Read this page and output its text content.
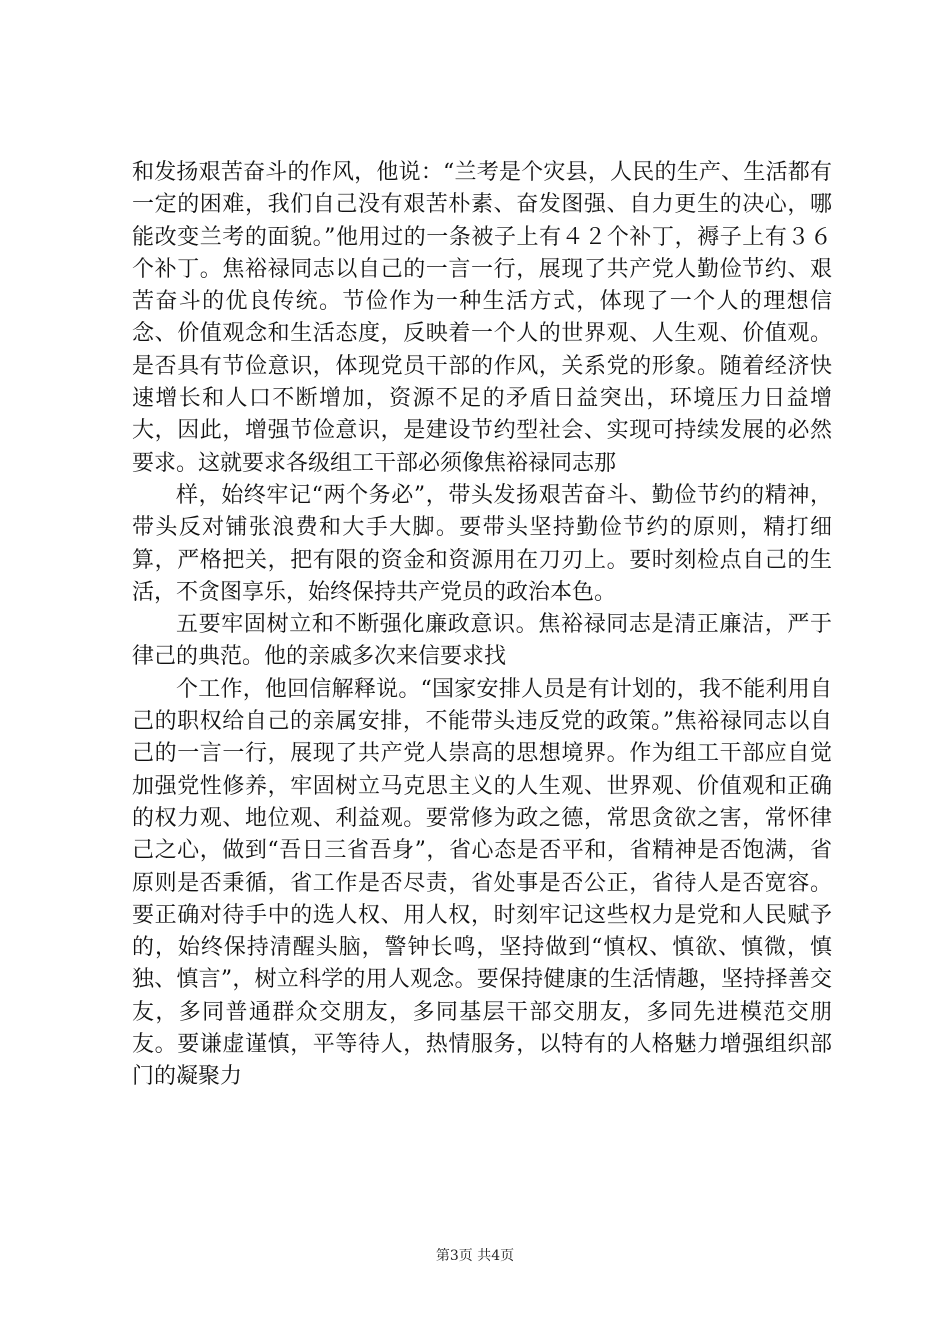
和发扬艰苦奋斗的作风，他说：“兰考是个灾县，人民的生产、生活都有一定的困难，我们自己没有艰苦朴素、奋发图强、自力更生的决心，哪能改变兰考的面貌。”他用过的一条被子上有４２个补丁，褥子上有３６个补丁。焦裕禄同志以自己的一言一行，展现了共产党人勤俭节约、艰苦奋斗的优良传统。节俭作为一种生活方式，体现了一个人的理想信念、价值观念和生活态度，反映着一个人的世界观、人生观、价值观。是否具有节俭意识，体现党员干部的作风，关系党的形象。随着经济快速增长和人口不断增加，资源不足的矛盾日益突出，环境压力日益增大，因此，增强节俭意识，是建设节约型社会、实现可持续发展的必然要求。这就要求各级组工干部必须像焦裕禄同志那

样，始终牢记“两个务必”，带头发扬艰苦奋斗、勤俭节约的精神，带头反对铺张浪费和大手大脚。要带头坚持勤俭节约的原则，精打细算，严格把关，把有限的资金和资源用在刀刃上。要时刻检点自己的生活，不贪图享乐，始终保持共产党员的政治本色。

五要牢固树立和不断强化廉政意识。焦裕禄同志是清正廉洁，严于律己的典范。他的亲戚多次来信要求找

个工作，他回信解释说。“国家安排人员是有计划的，我不能利用自己的职权给自己的亲属安排，不能带头违反党的政策。”焦裕禄同志以自己的一言一行，展现了共产党人崇高的思想境界。作为组工干部应自觉加强党性修养，牢固树立马克思主义的人生观、世界观、价值观和正确的权力观、地位观、利益观。要常修为政之德，常思贪欲之害，常怀律己之心，做到“吾日三省吾身”，省心态是否平和，省精神是否饱满，省原则是否秉循，省工作是否尽责，省处事是否公正，省待人是否宽容。要正确对待手中的选人权、用人权，时刻牢记这些权力是党和人民赋予的，始终保持清醒头脑，警钟长鸣，坚持做到“慎权、慎欲、慎微，慎独、慎言”，树立科学的用人观念。要保持健康的生活情趣，坚持择善交友，多同普通群众交朋友，多同基层干部交朋友，多同先进模范交朋友。要谦虚谨慎，平等待人，热情服务，以特有的人格魅力增强组织部门的凝聚力

第3页 共4页
